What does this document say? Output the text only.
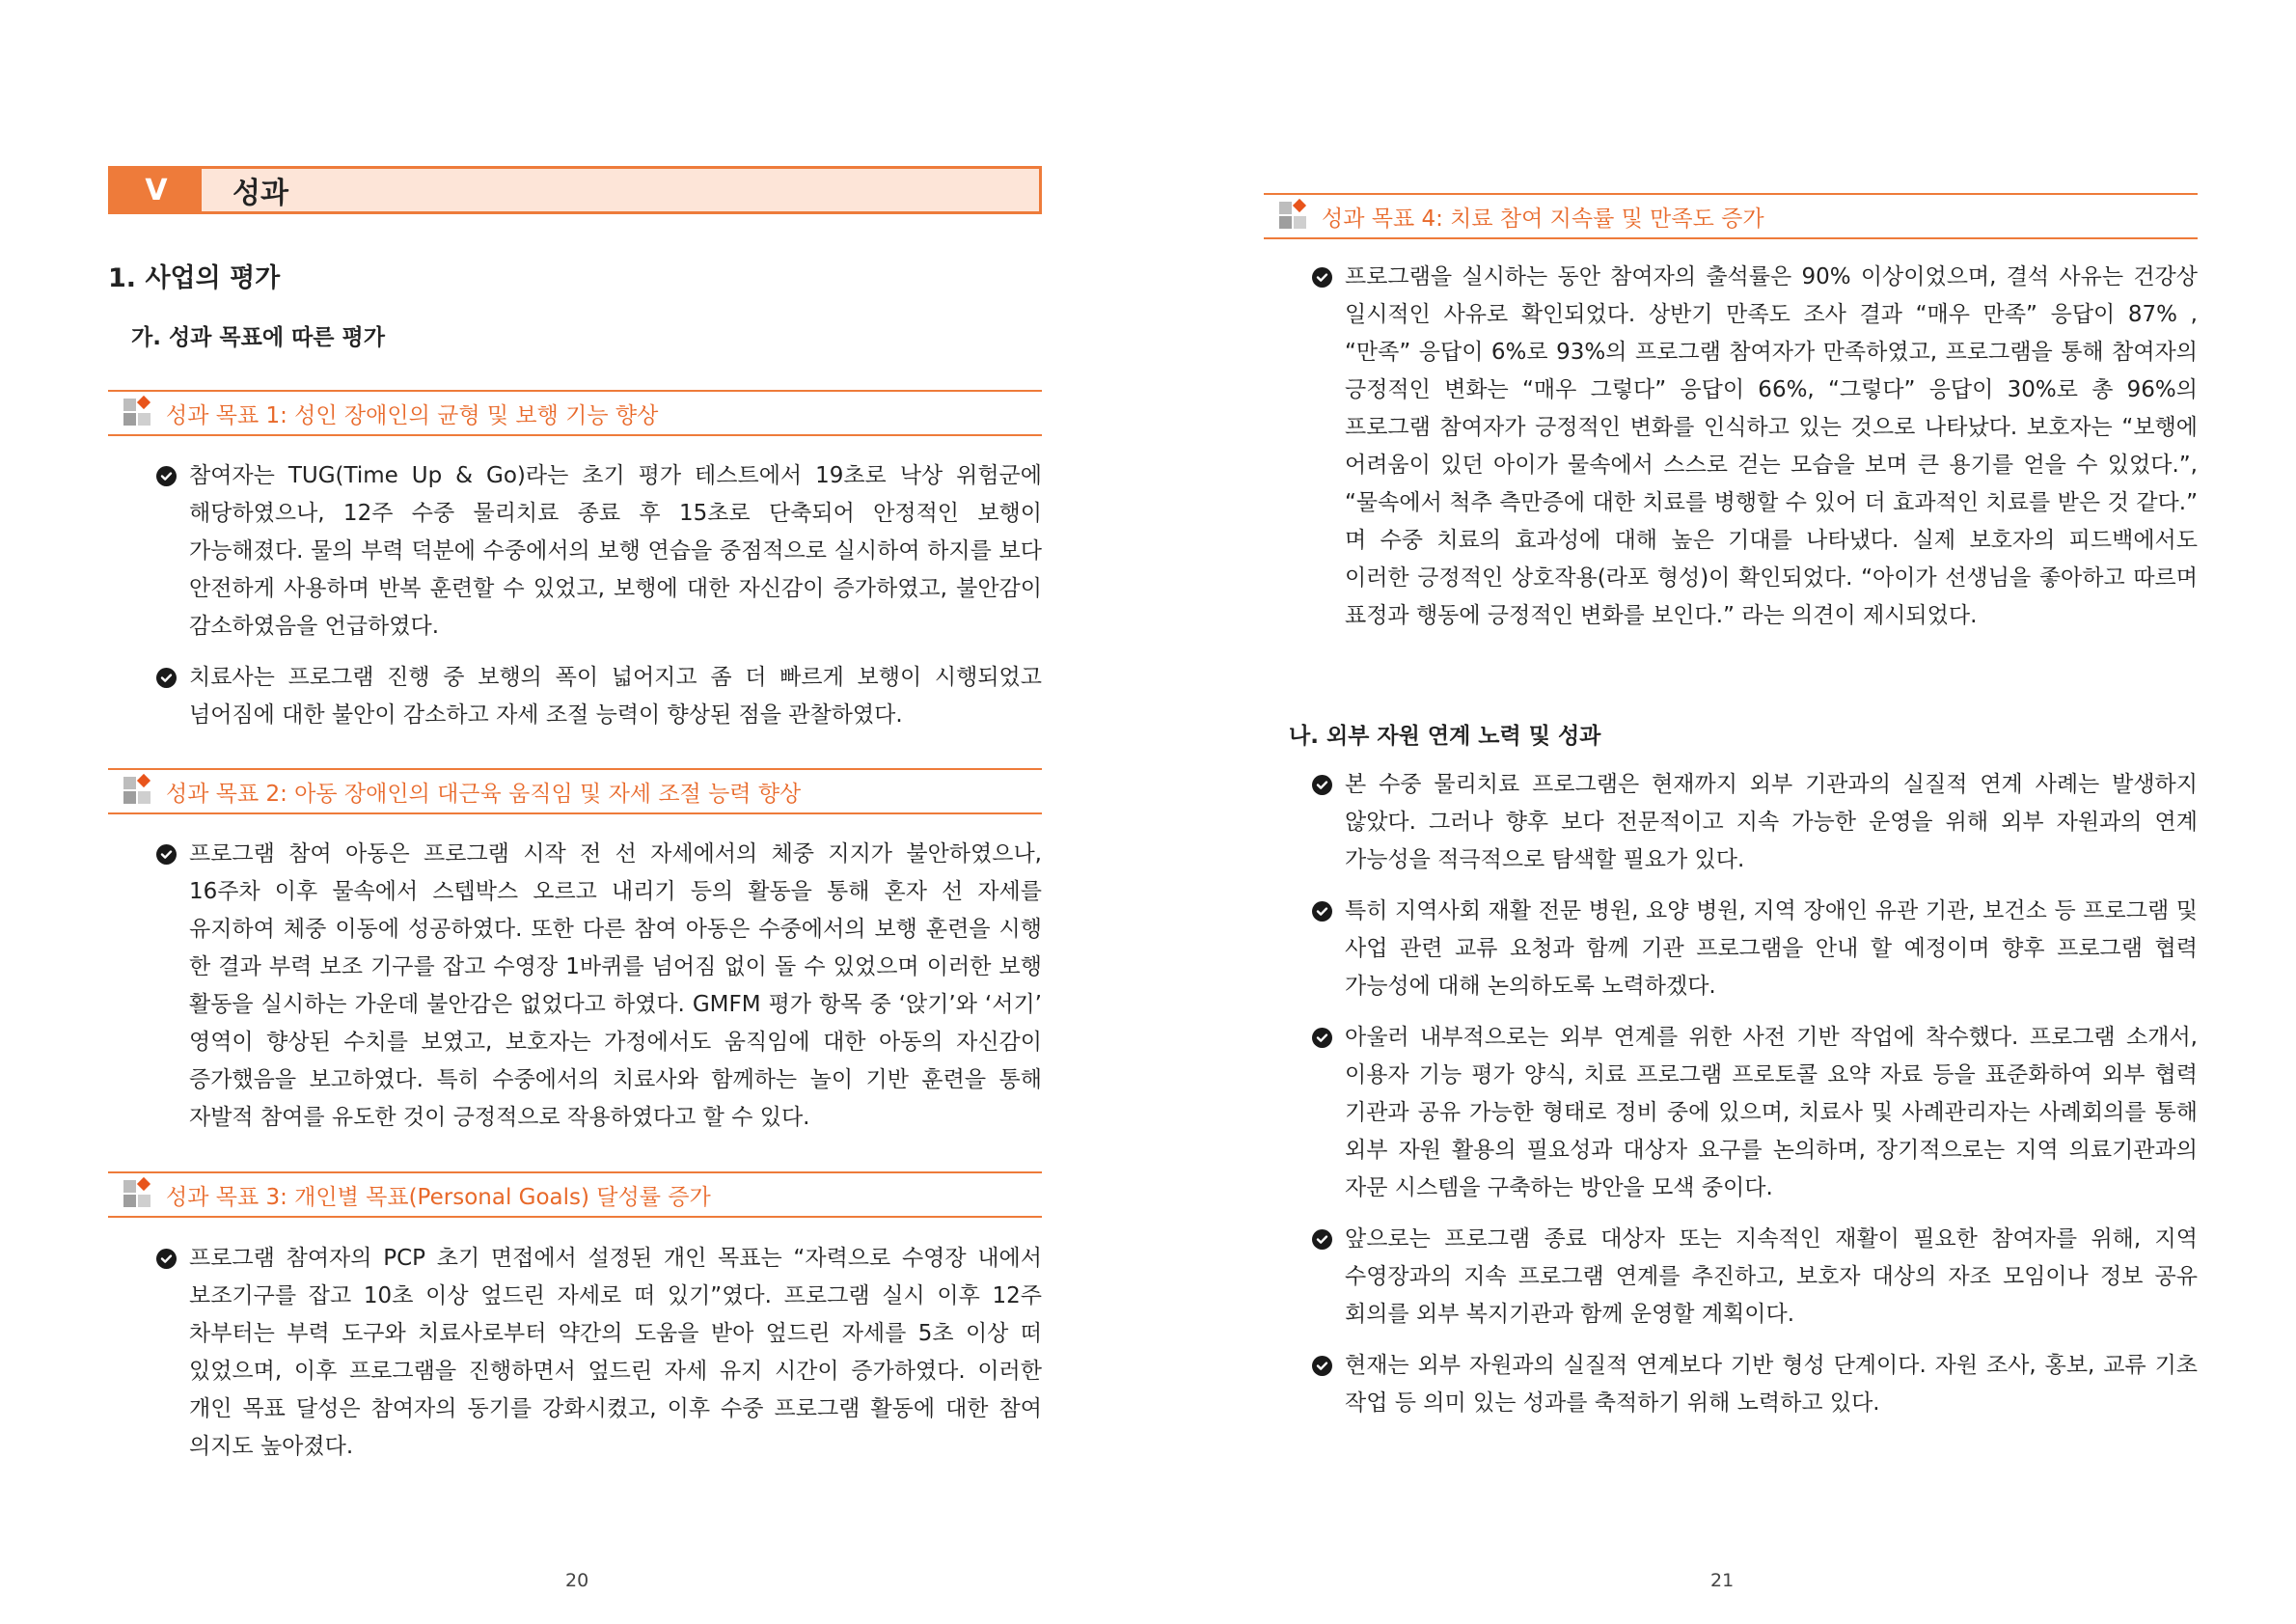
V	성과
1. 사업의 평가
가. 성과 목표에 따른 평가
성과 목표 1: 성인 장애인의 균형 및 보행 기능 향상
참여자는 TUG(Time Up & Go)라는 초기 평가 테스트에서 19초로 낙상 위험군에 해당하였으나, 12주 수중 물리치료 종료 후 15초로 단축되어 안정적인 보행이 가능해졌다. 물의 부력 덕분에 수중에서의 보행 연습을 중점적으로 실시하여 하지를 보다 안전하게 사용하며 반복 훈련할 수 있었고, 보행에 대한 자신감이 증가하였고, 불안감이 감소하였음을 언급하였다.
치료사는 프로그램 진행 중 보행의 폭이 넓어지고 좀 더 빠르게 보행이 시행되었고 넘어짐에 대한 불안이 감소하고 자세 조절 능력이 향상된 점을 관찰하였다.
성과 목표 2: 아동 장애인의 대근육 움직임 및 자세 조절 능력 향상
프로그램 참여 아동은 프로그램 시작 전 선 자세에서의 체중 지지가 불안하였으나, 16주차 이후 물속에서 스텝박스 오르고 내리기 등의 활동을 통해 혼자 선 자세를 유지하여 체중 이동에 성공하였다. 또한 다른 참여 아동은 수중에서의 보행 훈련을 시행 한 결과 부력 보조 기구를 잡고 수영장 1바퀴를 넘어짐 없이 돌 수 있었으며 이러한 보행 활동을 실시하는 가운데 불안감은 없었다고 하였다. GMFM 평가 항목 중 ‘앉기’와 ‘서기’ 영역이 향상된 수치를 보였고, 보호자는 가정에서도 움직임에 대한 아동의 자신감이 증가했음을 보고하였다. 특히 수중에서의 치료사와 함께하는 놀이 기반 훈련을 통해 자발적 참여를 유도한 것이 긍정적으로 작용하였다고 할 수 있다.
성과 목표 3: 개인별 목표(Personal Goals) 달성률 증가
프로그램 참여자의 PCP 초기 면접에서 설정된 개인 목표는 “자력으로 수영장 내에서 보조기구를 잡고 10초 이상 엎드린 자세로 떠 있기”였다. 프로그램 실시 이후 12주 차부터는 부력 도구와 치료사로부터 약간의 도움을 받아 엎드린 자세를 5초 이상 떠 있었으며, 이후 프로그램을 진행하면서 엎드린 자세 유지 시간이 증가하였다. 이러한 개인 목표 달성은 참여자의 동기를 강화시켰고, 이후 수중 프로그램 활동에 대한 참여 의지도 높아졌다.
20
성과 목표 4: 치료 참여 지속률 및 만족도 증가
프로그램을 실시하는 동안 참여자의 출석률은 90% 이상이었으며, 결석 사유는 건강상 일시적인 사유로 확인되었다. 상반기 만족도 조사 결과 “매우 만족” 응답이 87% , “만족” 응답이 6%로 93%의 프로그램 참여자가 만족하였고, 프로그램을 통해 참여자의 긍정적인 변화는 “매우 그렇다” 응답이 66%, “그렇다” 응답이 30%로 총 96%의 프로그램 참여자가 긍정적인 변화를 인식하고 있는 것으로 나타났다. 보호자는 “보행에 어려움이 있던 아이가 물속에서 스스로 걷는 모습을 보며 큰 용기를 얻을 수 있었다.”, “물속에서 척추 측만증에 대한 치료를 병행할 수 있어 더 효과적인 치료를 받은 것 같다.” 며 수중 치료의 효과성에 대해 높은 기대를 나타냈다. 실제 보호자의 피드백에서도 이러한 긍정적인 상호작용(라포 형성)이 확인되었다. “아이가 선생님을 좋아하고 따르며 표정과 행동에 긍정적인 변화를 보인다.” 라는 의견이 제시되었다.
나. 외부 자원 연계 노력 및 성과
본 수중 물리치료 프로그램은 현재까지 외부 기관과의 실질적 연계 사례는 발생하지 않았다. 그러나 향후 보다 전문적이고 지속 가능한 운영을 위해 외부 자원과의 연계 가능성을 적극적으로 탐색할 필요가 있다.
특히 지역사회 재활 전문 병원, 요양 병원, 지역 장애인 유관 기관, 보건소 등 프로그램 및 사업 관련 교류 요청과 함께 기관 프로그램을 안내 할 예정이며 향후 프로그램 협력 가능성에 대해 논의하도록 노력하겠다.
아울러 내부적으로는 외부 연계를 위한 사전 기반 작업에 착수했다. 프로그램 소개서, 이용자 기능 평가 양식, 치료 프로그램 프로토콜 요약 자료 등을 표준화하여 외부 협력 기관과 공유 가능한 형태로 정비 중에 있으며, 치료사 및 사례관리자는 사례회의를 통해 외부 자원 활용의 필요성과 대상자 요구를 논의하며, 장기적으로는 지역 의료기관과의 자문 시스템을 구축하는 방안을 모색 중이다.
앞으로는 프로그램 종료 대상자 또는 지속적인 재활이 필요한 참여자를 위해, 지역 수영장과의 지속 프로그램 연계를 추진하고, 보호자 대상의 자조 모임이나 정보 공유 회의를 외부 복지기관과 함께 운영할 계획이다.
현재는 외부 자원과의 실질적 연계보다 기반 형성 단계이다. 자원 조사, 홍보, 교류 기초 작업 등 의미 있는 성과를 축적하기 위해 노력하고 있다.
21
